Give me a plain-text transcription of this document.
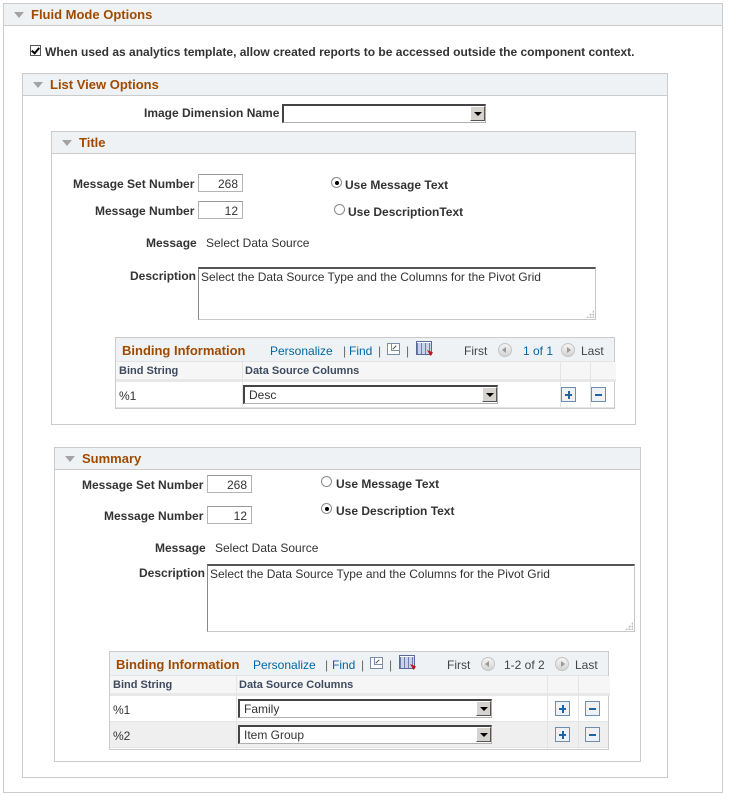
Fluid Mode Options
When used as analytics template, allow created reports to be accessed outside the component context.
List View Options
Image Dimension Name
Title
Message Set Number
268
Message Number
12
Use Message Text
Use DescriptionText
Message Select Data Source
Description Select the Data Source Type and the Columns for the Pivot Grid
Binding Information Personalize | Find | |	First	1 of 1 Last
Bind String	Data Source Columns
%1	Desc
Summary
Message Set Number
268
Message Number
12
Use Message Text
Use Description Text
Message Select Data Source
Description Select the Data Source Type and the Columns for the Pivot Grid
Binding Information Personalize | Find | |	First	1-2 of 2	Last
Bind String	Data Source Columns
%1	Family
%2	Item Group
